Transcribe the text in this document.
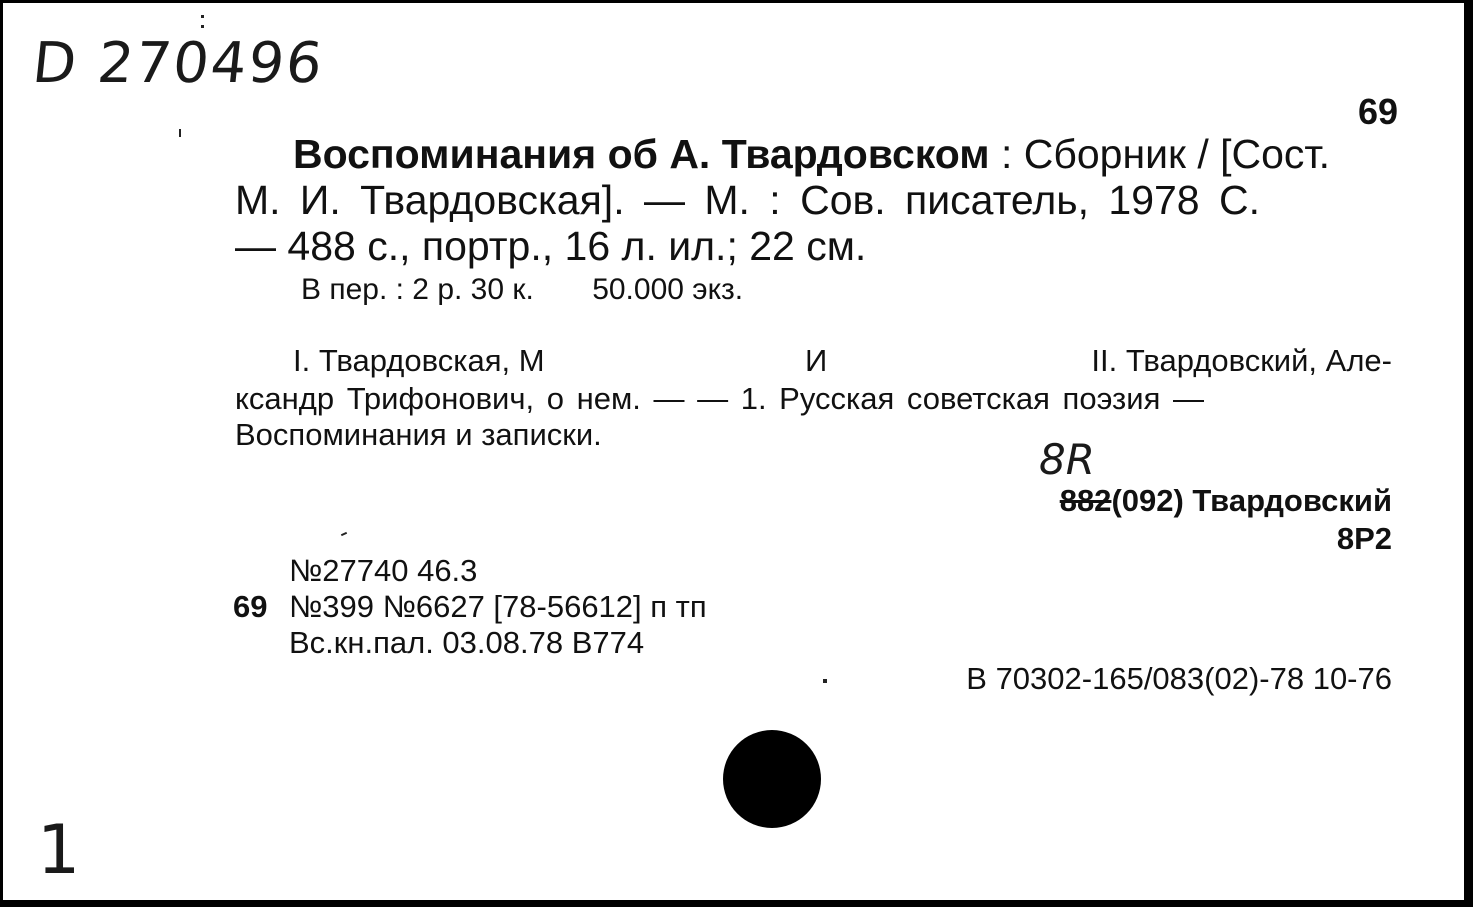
D 270496
69
Воспоминания об А. Твардовском : Сборник / [Сост.
М. И. Твардовская]. — М. : Сов. писатель, 1978 С.
— 488 с., портр., 16 л. ил.; 22 см.
В пер. : 2 р. 30 к. 50.000 экз.
I. Твардовская, М	И	II. Твардовский, Але-
ксандр Трифонович, о нем. — — 1. Русская советская поэзия —
Воспоминания и записки.
8R
882(092) Твардовский
8Р2
№27740 46.3
69 №399 №6627 [78-56612] п тп
Вс.кн.пал. 03.08.78 В774
В 70302-165/083(02)-78 10-76
1
